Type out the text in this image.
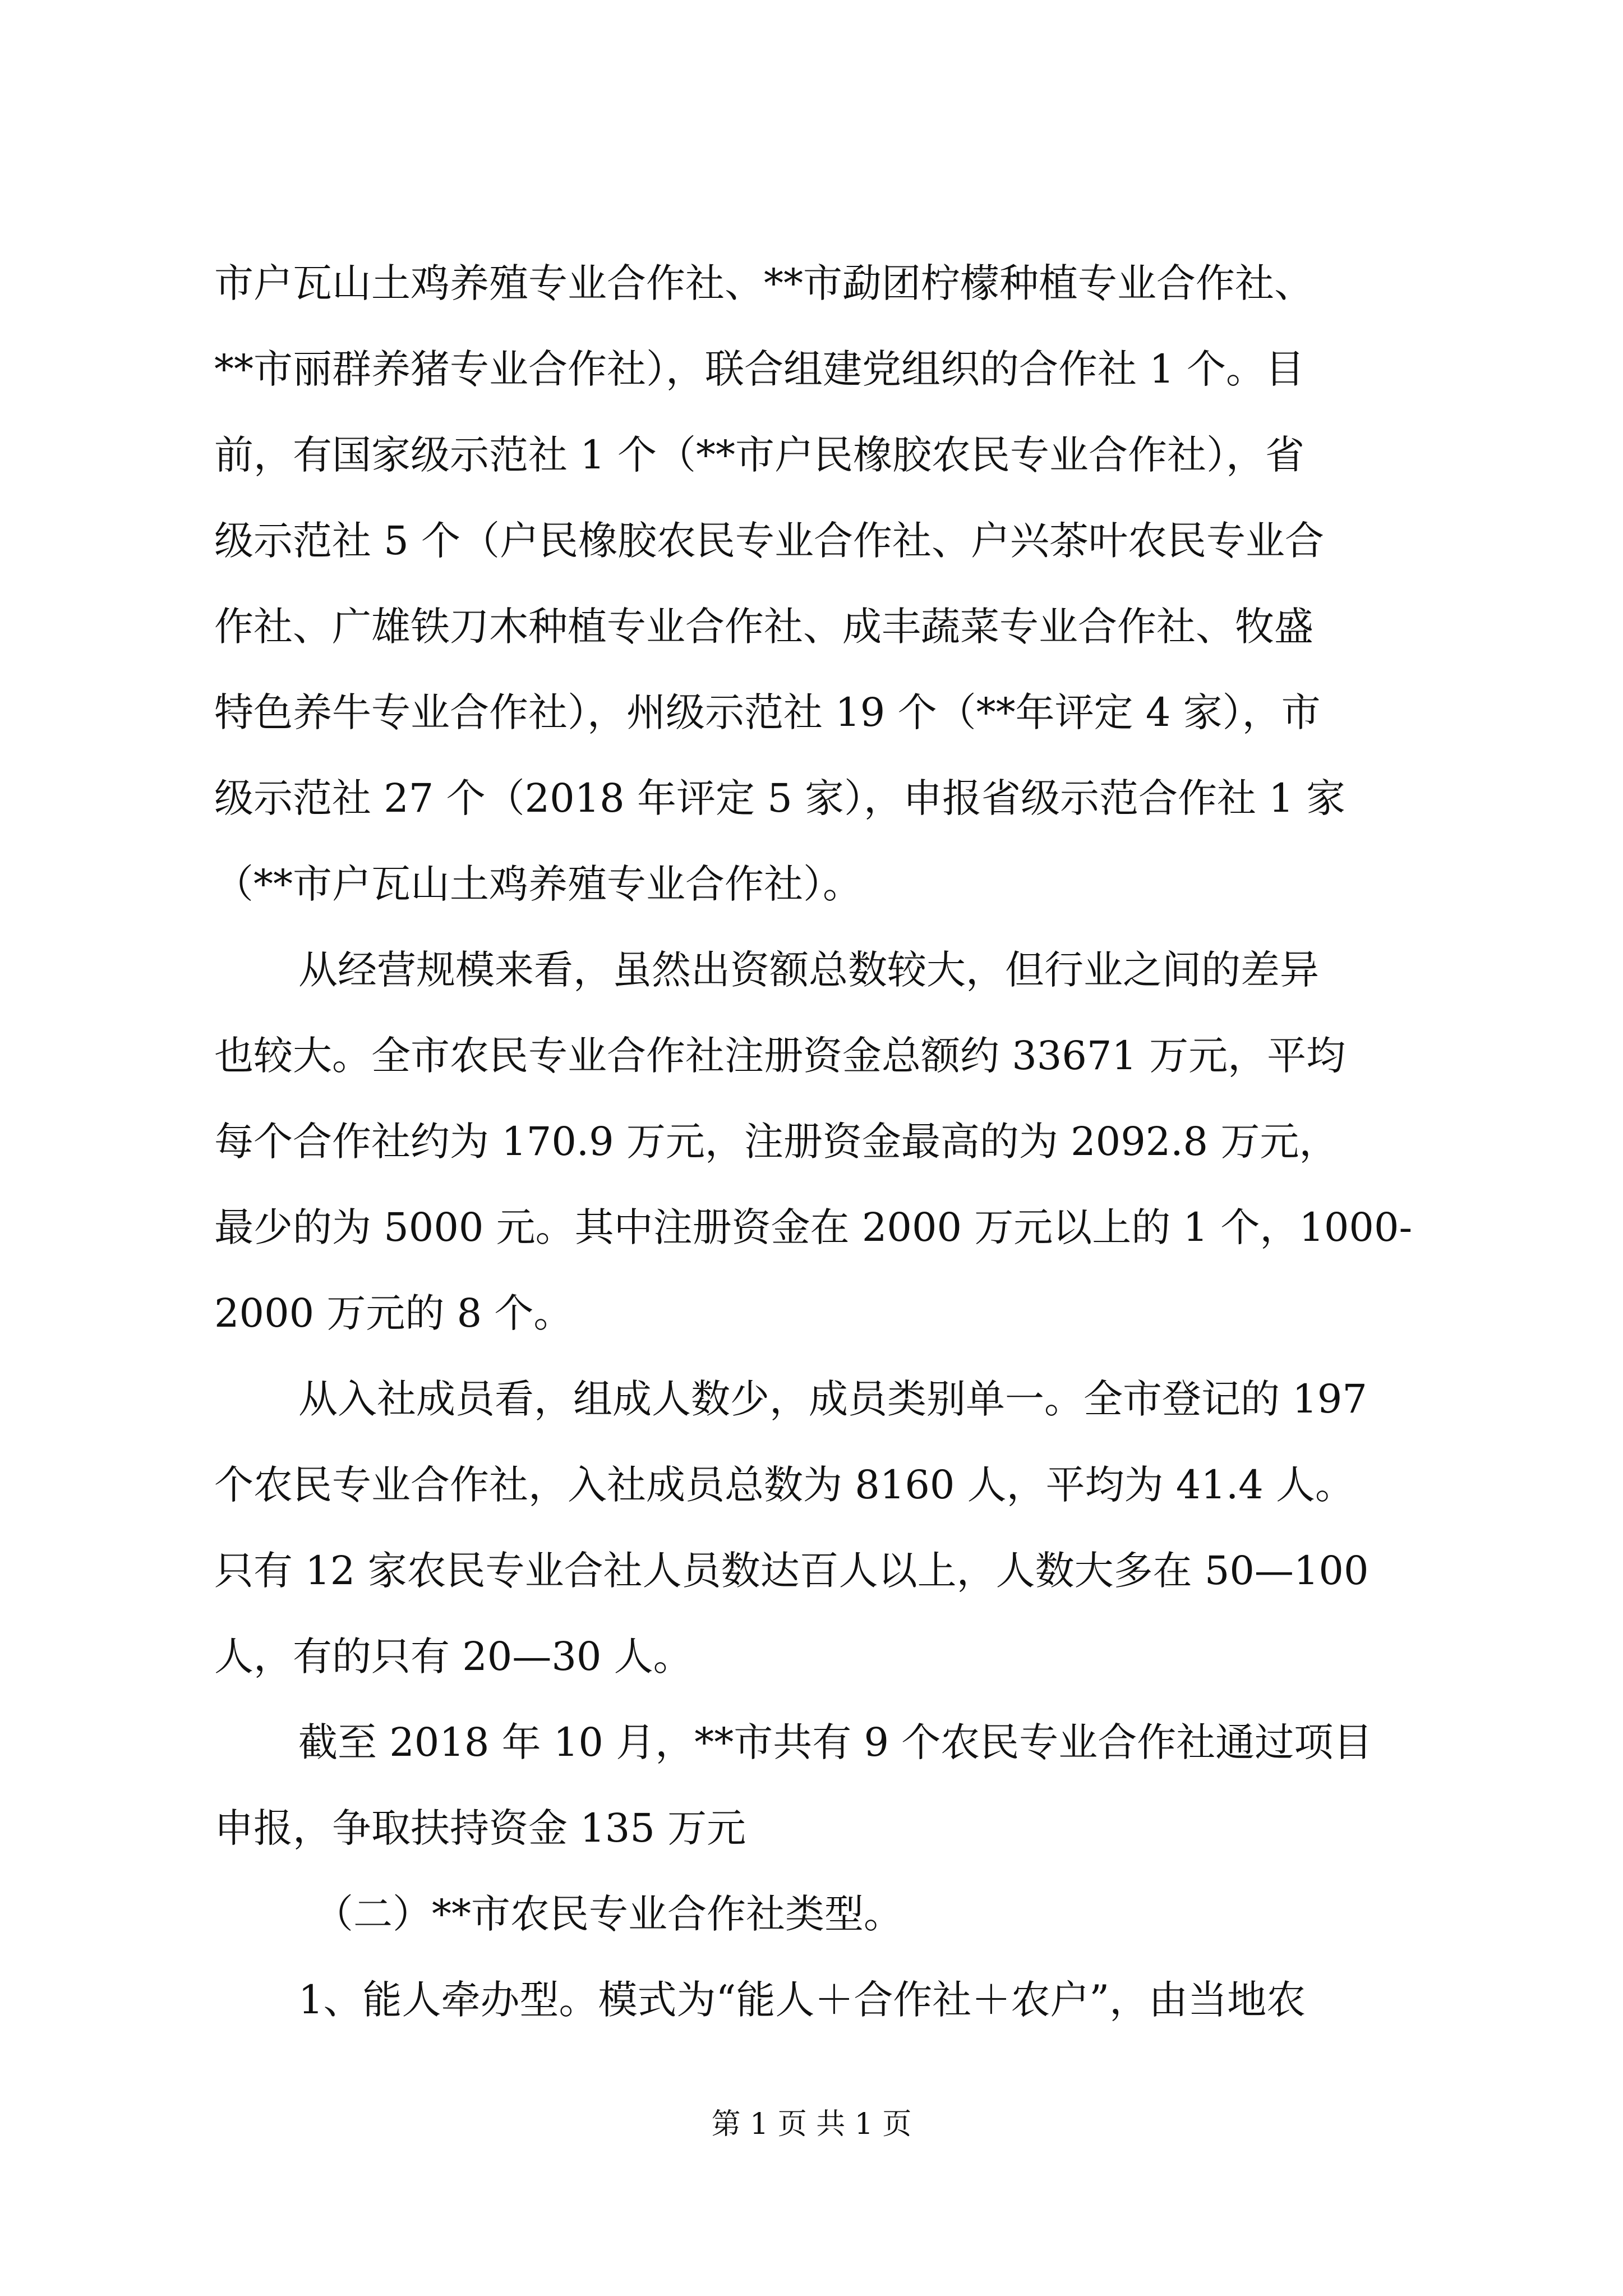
市户瓦山土鸡养殖专业合作社、**市勐团柠檬种植专业合作社、
**市丽群养猪专业合作社），联合组建党组织的合作社 1 个。目
前，有国家级示范社 1 个（**市户民橡胶农民专业合作社），省
级示范社 5 个（户民橡胶农民专业合作社、户兴茶叶农民专业合
作社、广雄铁刀木种植专业合作社、成丰蔬菜专业合作社、牧盛
特色养牛专业合作社），州级示范社 19 个（**年评定 4 家），市
级示范社 27 个（2018 年评定 5 家），申报省级示范合作社 1 家
（**市户瓦山土鸡养殖专业合作社）。
从经营规模来看，虽然出资额总数较大，但行业之间的差异
也较大。全市农民专业合作社注册资金总额约 33671 万元，平均
每个合作社约为 170.9 万元，注册资金最高的为 2092.8 万元，
最少的为 5000 元。其中注册资金在 2000 万元以上的 1 个，1000-
2000 万元的 8 个。
从入社成员看，组成人数少，成员类别单一。全市登记的 197
个农民专业合作社，入社成员总数为 8160 人，平均为 41.4 人。
只有 12 家农民专业合社人员数达百人以上，人数大多在 50—100
人，有的只有 20—30 人。
截至 2018 年 10 月，**市共有 9 个农民专业合作社通过项目
申报，争取扶持资金 135 万元
（二）**市农民专业合作社类型。
1、能人牵办型。模式为“能人＋合作社＋农户”，由当地农
第 1 页 共 1 页
